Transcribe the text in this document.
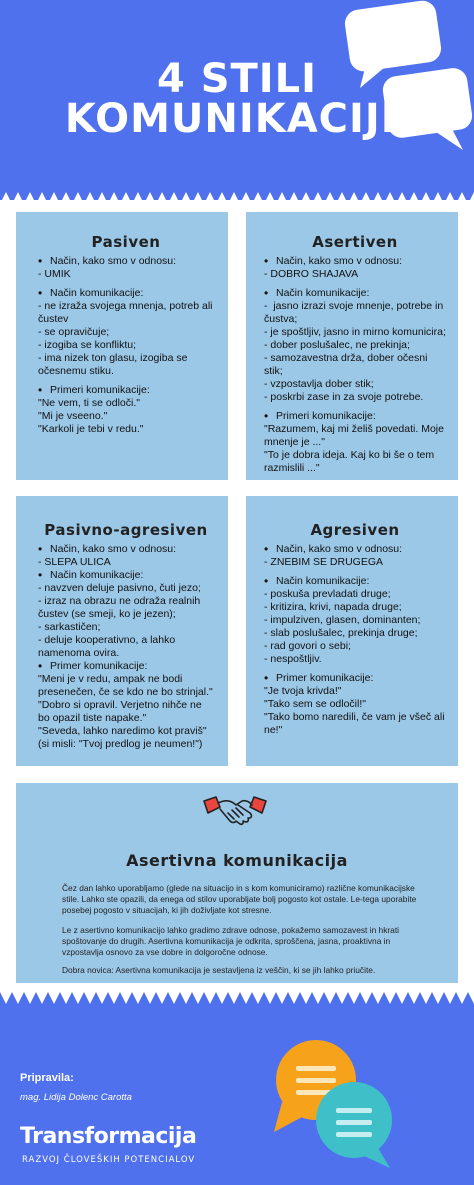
4 STILI
KOMUNIKACIJE
Pasiven
• Način, kako smo v odnosu:
- UMIK
• Način komunikacije:
- ne izraža svojega mnenja, potreb ali čustev
- se opravičuje;
- izogiba se konfliktu;
- ima nizek ton glasu, izogiba se očesnemu stiku.
• Primeri komunikacije:
"Ne vem, ti se odloči."
"Mi je vseeno."
"Karkoli je tebi v redu."
Asertiven
• Način, kako smo v odnosu:
- DOBRO SHAJAVA
• Način komunikacije:
-  jasno izrazi svoje mnenje, potrebe in čustva;
- je spoštljiv, jasno in mirno komunicira;
- dober poslušalec, ne prekinja;
- samozavestna drža, dober očesni stik;
- vzpostavlja dober stik;
- poskrbi zase in za svoje potrebe.
• Primeri komunikacije:
"Razumem, kaj mi želiš povedati. Moje mnenje je ..."
"To je dobra ideja. Kaj ko bi še o tem razmislili ..."
Pasivno-agresiven
• Način, kako smo v odnosu:
- SLEPA ULICA
• Način komunikacije:
- navzven deluje pasivno, čuti jezo;
- izraz na obrazu ne odraža realnih čustev (se smeji, ko je jezen);
- sarkastičen;
- deluje kooperativno, a lahko namenoma ovira.
• Primer komunikacije:
"Meni je v redu, ampak ne bodi presenečen, če se kdo ne bo strinjal."
"Dobro si opravil. Verjetno nihče ne bo opazil tiste napake."
"Seveda, lahko naredimo kot praviš" (si misli: "Tvoj predlog je neumen!")
Agresiven
• Način, kako smo v odnosu:
- ZNEBIM SE DRUGEGA
• Način komunikacije:
- poskuša prevladati druge;
- kritizira, krivi, napada druge;
- impulziven, glasen, dominanten;
- slab poslušalec, prekinja druge;
- rad govori o sebi;
- nespoštljiv.
• Primer komunikacije:
"Je tvoja krivda!"
"Tako sem se odločil!"
"Tako bomo naredili, če vam je všeč ali ne!"
Asertivna komunikacija
Čez dan lahko uporabljamo (glede na situacijo in s kom komuniciramo) različne komunikacijske stile. Lahko ste opazili, da enega od stilov uporabljate bolj pogosto kot ostale. Le-tega uporabite posebej pogosto v situacijah, ki jih doživljate kot stresne.
Le z asertivno komunikacijo lahko gradimo zdrave odnose, pokažemo samozavest in hkrati spoštovanje do drugih. Asertivna komunikacija je odkrita, sproščena, jasna, proaktivna in vzpostavlja osnovo za vse dobre in dolgoročne odnose.
Dobra novica: Asertivna komunikacija je sestavljena iz veščin, ki se jih lahko priučite.
Pripravila:
mag. Lidija Dolenc Carotta
Transformacija
RAZVOJ ČLOVEŠKIH POTENCIALOV
